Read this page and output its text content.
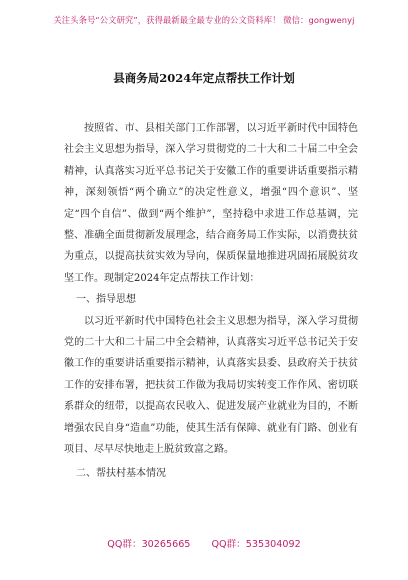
关注头条号“公文研究”，获得最新最全最专业的公文资料库！ 微信：gongwenyj
县商务局2024年定点帮扶工作计划

按照省、市、县相关部门工作部署，以习近平新时代中国特色社会主义思想为指导，深入学习贯彻党的二十大和二十届二中全会精神，认真落实习近平总书记关于安徽工作的重要讲话重要指示精神，深刻领悟“两个确立”的决定性意义，增强“四个意识”、坚定“四个自信”、做到“两个维护”，坚持稳中求进工作总基调，完整、准确全面贯彻新发展理念，结合商务局工作实际，以消费扶贫为重点，以提高扶贫实效为导向，保质保量地推进巩固拓展脱贫攻坚工作。现制定2024年定点帮扶工作计划：

一、指导思想

以习近平新时代中国特色社会主义思想为指导，深入学习贯彻党的二十大和二十届二中全会精神，认真落实习近平总书记关于安徽工作的重要讲话重要指示精神，认真落实县委、县政府关于扶贫工作的安排布署，把扶贫工作做为我局切实转变工作作风、密切联系群众的纽带，以提高农民收入、促进发展产业就业为目的，不断增强农民自身“造血”功能，使其生活有保障、就业有门路、创业有项目、尽早尽快地走上脱贫致富之路。

二、帮扶村基本情况

QQ群：30265665 QQ群：535304092
